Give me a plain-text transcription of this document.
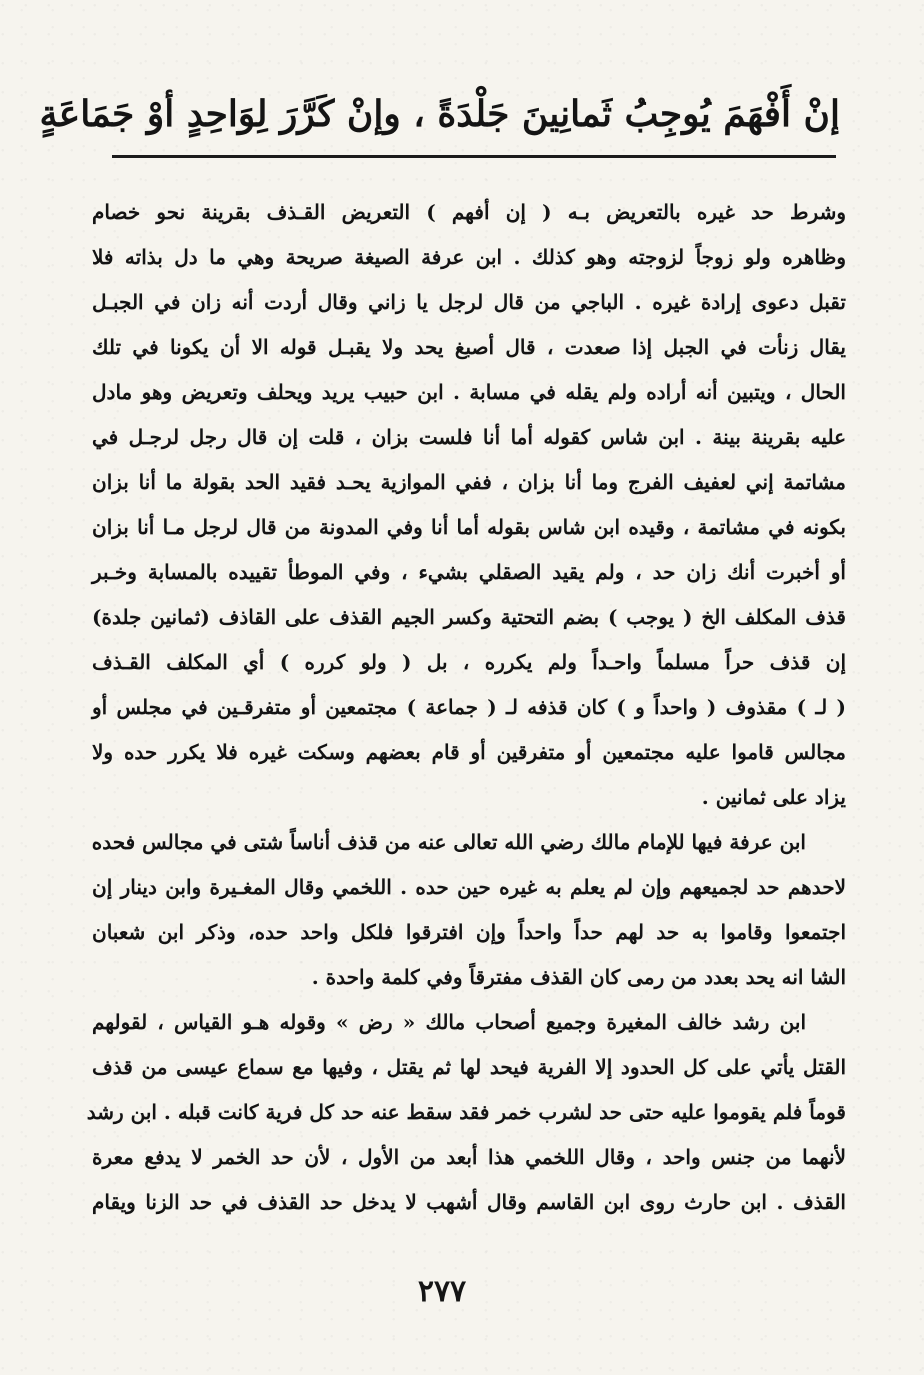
إنْ أَفْهَمَ يُوجِبُ ثَمانِينَ جَلْدَةً ، وإنْ كَرَّرَ لِوَاحِدٍ أوْ جَمَاعَةٍ
وشرط حد غيره بالتعريض بـه ( إن أفهم ) التعريض القـذف بقرينة نحو خصام
وظاهره ولو زوجاً لزوجته وهو كذلك . ابن عرفة الصيغة صريحة وهي ما دل بذاته فلا
تقبل دعوى إرادة غيره . الباجي من قال لرجل يا زاني وقال أردت أنه زان في الجبـل
يقال زنأت في الجبل إذا صعدت ، قال أصبغ يحد ولا يقبـل قوله الا أن يكونا في تلك
الحال ، ويتبين أنه أراده ولم يقله في مسابة . ابن حبيب يريد ويحلف وتعريض وهو مادل
عليه بقرينة بينة . ابن شاس كقوله أما أنا فلست بزان ، قلت إن قال رجل لرجـل في
مشاتمة إني لعفيف الفرج وما أنا بزان ، ففي الموازية يحـد فقيد الحد بقولة ما أنا بزان
بكونه في مشاتمة ، وقيده ابن شاس بقوله أما أنا وفي المدونة من قال لرجل مـا أنا بزان
أو أخبرت أنك زان حد ، ولم يقيد الصقلي بشيء ، وفي الموطأ تقييده بالمسابة وخـبر
قذف المكلف الخ ( يوجب ) بضم التحتية وكسر الجيم القذف على القاذف (ثمانين جلدة)
إن قذف حراً مسلماً واحـداً ولم يكرره ، بل ( ولو كرره ) أي المكلف القـذف
( لـ ) مقذوف ( واحداً و ) كان قذفه لـ ( جماعة ) مجتمعين أو متفرقـين في مجلس أو
مجالس قاموا عليه مجتمعين أو متفرقين أو قام بعضهم وسكت غيره فلا يكرر حده ولا
يزاد على ثمانين .
ابن عرفة فيها للإمام مالك رضي الله تعالى عنه من قذف أناساً شتى في مجالس فحده
لاحدهم حد لجميعهم وإن لم يعلم به غيره حين حده . اللخمي وقال المغـيرة وابن دينار إن
اجتمعوا وقاموا به حد لهم حداً واحداً وإن افترقوا فلكل واحد حده، وذكر ابن شعبان
الشا انه يحد بعدد من رمى كان القذف مفترقاً وفي كلمة واحدة .
ابن رشد خالف المغيرة وجميع أصحاب مالك « رض » وقوله هـو القياس ، لقولهم
القتل يأتي على كل الحدود إلا الفرية فيحد لها ثم يقتل ، وفيها مع سماع عيسى من قذف
قوماً فلم يقوموا عليه حتى حد لشرب خمر فقد سقط عنه حد كل فرية كانت قبله . ابن رشد
لأنهما من جنس واحد ، وقال اللخمي هذا أبعد من الأول ، لأن حد الخمر لا يدفع معرة
القذف . ابن حارث روى ابن القاسم وقال أشهب لا يدخل حد القذف في حد الزنا ويقام
٢٧٧
